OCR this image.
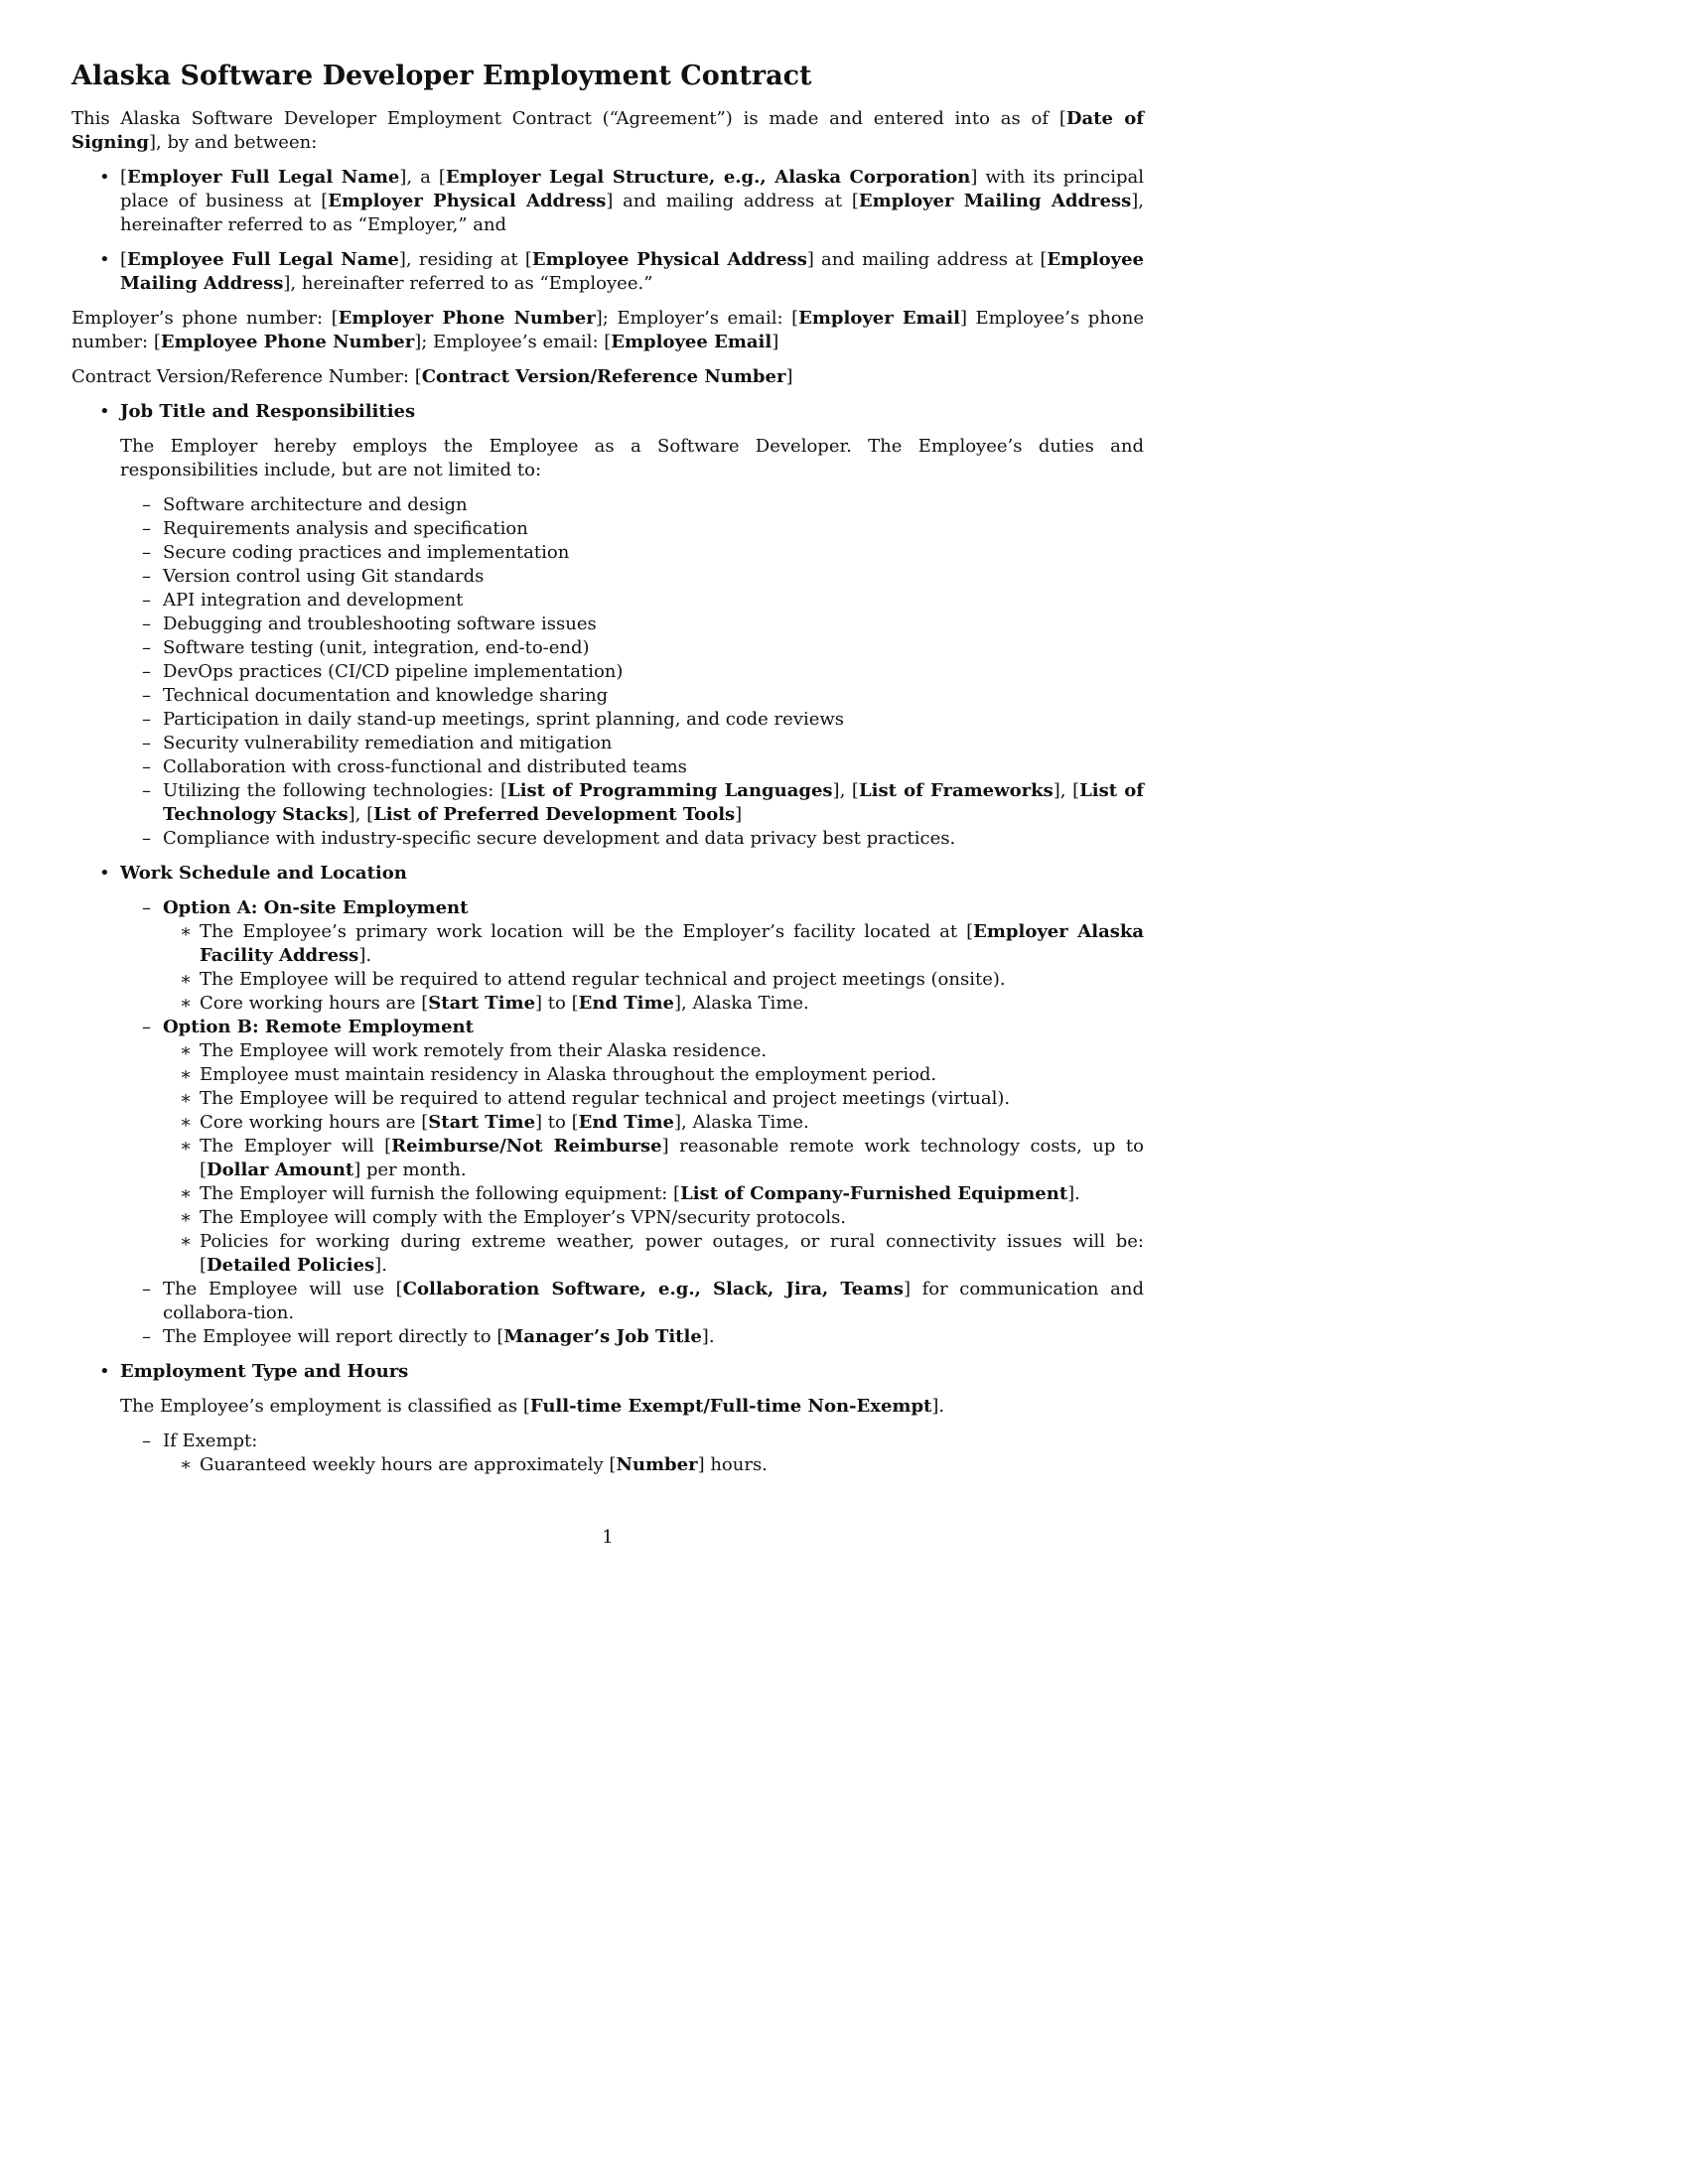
Alaska Software Developer Employment Contract

This Alaska Software Developer Employment Contract (“Agreement”) is made and entered into as of [Date of Signing], by and between:

• [Employer Full Legal Name], a [Employer Legal Structure, e.g., Alaska Corporation] with its principal place of business at [Employer Physical Address] and mailing address at [Employer Mailing Address], hereinafter referred to as “Employer,” and
• [Employee Full Legal Name], residing at [Employee Physical Address] and mailing address at [Employee Mailing Address], hereinafter referred to as “Employee.”

Employer’s phone number: [Employer Phone Number]; Employer’s email: [Employer Email] Employee’s phone number: [Employee Phone Number]; Employee’s email: [Employee Email]

Contract Version/Reference Number: [Contract Version/Reference Number]

• Job Title and Responsibilities

The Employer hereby employs the Employee as a Software Developer. The Employee’s duties and responsibilities include, but are not limited to:

– Software architecture and design
– Requirements analysis and specification
– Secure coding practices and implementation
– Version control using Git standards
– API integration and development
– Debugging and troubleshooting software issues
– Software testing (unit, integration, end-to-end)
– DevOps practices (CI/CD pipeline implementation)
– Technical documentation and knowledge sharing
– Participation in daily stand-up meetings, sprint planning, and code reviews
– Security vulnerability remediation and mitigation
– Collaboration with cross-functional and distributed teams
– Utilizing the following technologies: [List of Programming Languages], [List of Frameworks], [List of Technology Stacks], [List of Preferred Development Tools]
– Compliance with industry-specific secure development and data privacy best practices.
• Work Schedule and Location
– Option A: On-site Employment
∗ The Employee’s primary work location will be the Employer’s facility located at [Employer Alaska Facility Address].
∗ The Employee will be required to attend regular technical and project meetings (onsite).
∗ Core working hours are [Start Time] to [End Time], Alaska Time.
– Option B: Remote Employment
∗ The Employee will work remotely from their Alaska residence.
∗ Employee must maintain residency in Alaska throughout the employment period.
∗ The Employee will be required to attend regular technical and project meetings (virtual).
∗ Core working hours are [Start Time] to [End Time], Alaska Time.
∗ The Employer will [Reimburse/Not Reimburse] reasonable remote work technology costs, up to [Dollar Amount] per month.
∗ The Employer will furnish the following equipment: [List of Company-Furnished Equipment].
∗ The Employee will comply with the Employer’s VPN/security protocols.
∗ Policies for working during extreme weather, power outages, or rural connectivity issues will be: [Detailed Policies].
– The Employee will use [Collaboration Software, e.g., Slack, Jira, Teams] for communication and collabora-tion.
– The Employee will report directly to [Manager’s Job Title].
• Employment Type and Hours

The Employee’s employment is classified as [Full-time Exempt/Full-time Non-Exempt].

– If Exempt:
∗ Guaranteed weekly hours are approximately [Number] hours.
1
